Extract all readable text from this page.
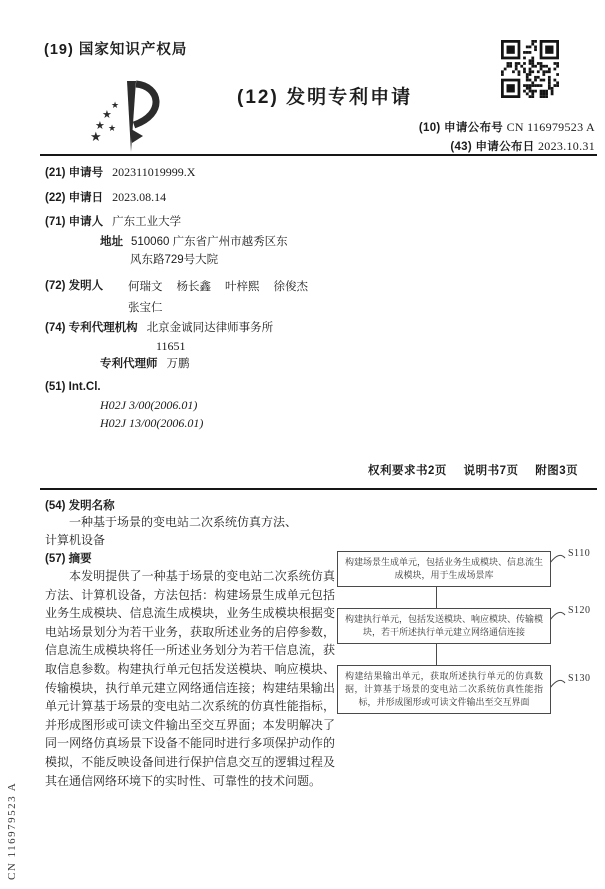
(19) 国家知识产权局
★
★
★ ★
★
(12) 发明专利申请
(10) 申请公布号 CN 116979523 A
(43) 申请公布日 2023.10.31
(21) 申请号 202311019999.X
(22) 申请日 2023.08.14
(71) 申请人 广东工业大学
地址 510060 广东省广州市越秀区东风东路729号大院
(72) 发明人	何瑞文 杨长鑫 叶梓熙 徐俊杰
张宝仁
(74) 专利代理机构 北京金诚同达律师事务所
11651
专利代理师 万鹏
(51) Int.Cl.
H02J 3/00(2006.01)
H02J 13/00(2006.01)
权利要求书2页 说明书7页 附图3页
(54) 发明名称
一种基于场景的变电站二次系统仿真方法、计算机设备
(57) 摘要
本发明提供了一种基于场景的变电站二次系统仿真方法、计算机设备，方法包括：构建场景生成单元包括业务生成模块、信息流生成模块，业务生成模块根据变电站场景划分为若干业务，获取所述业务的启停参数，信息流生成模块将任一所述业务划分为若干信息流，获取信息参数。构建执行单元包括发送模块、响应模块、传输模块，执行单元建立网络通信连接；构建结果输出单元计算基于场景的变电站二次系统的仿真性能指标，并形成图形或可读文件输出至交互界面；本发明解决了同一网络仿真场景下设备不能同时进行多项保护动作的模拟，不能反映设备间进行保护信息交互的逻辑过程及其在通信网络环境下的实时性、可靠性的技术问题。
构建场景生成单元，包括业务生成模块、信息流生成模块，用于生成场景库
S110
构建执行单元，包括发送模块、响应模块、传输模块，若干所述执行单元建立网络通信连接
S120
构建结果输出单元，获取所述执行单元的仿真数据，计算基于场景的变电站二次系统仿真性能指标，并形成图形或可读文件输出至交互界面
S130
CN 116979523 A
